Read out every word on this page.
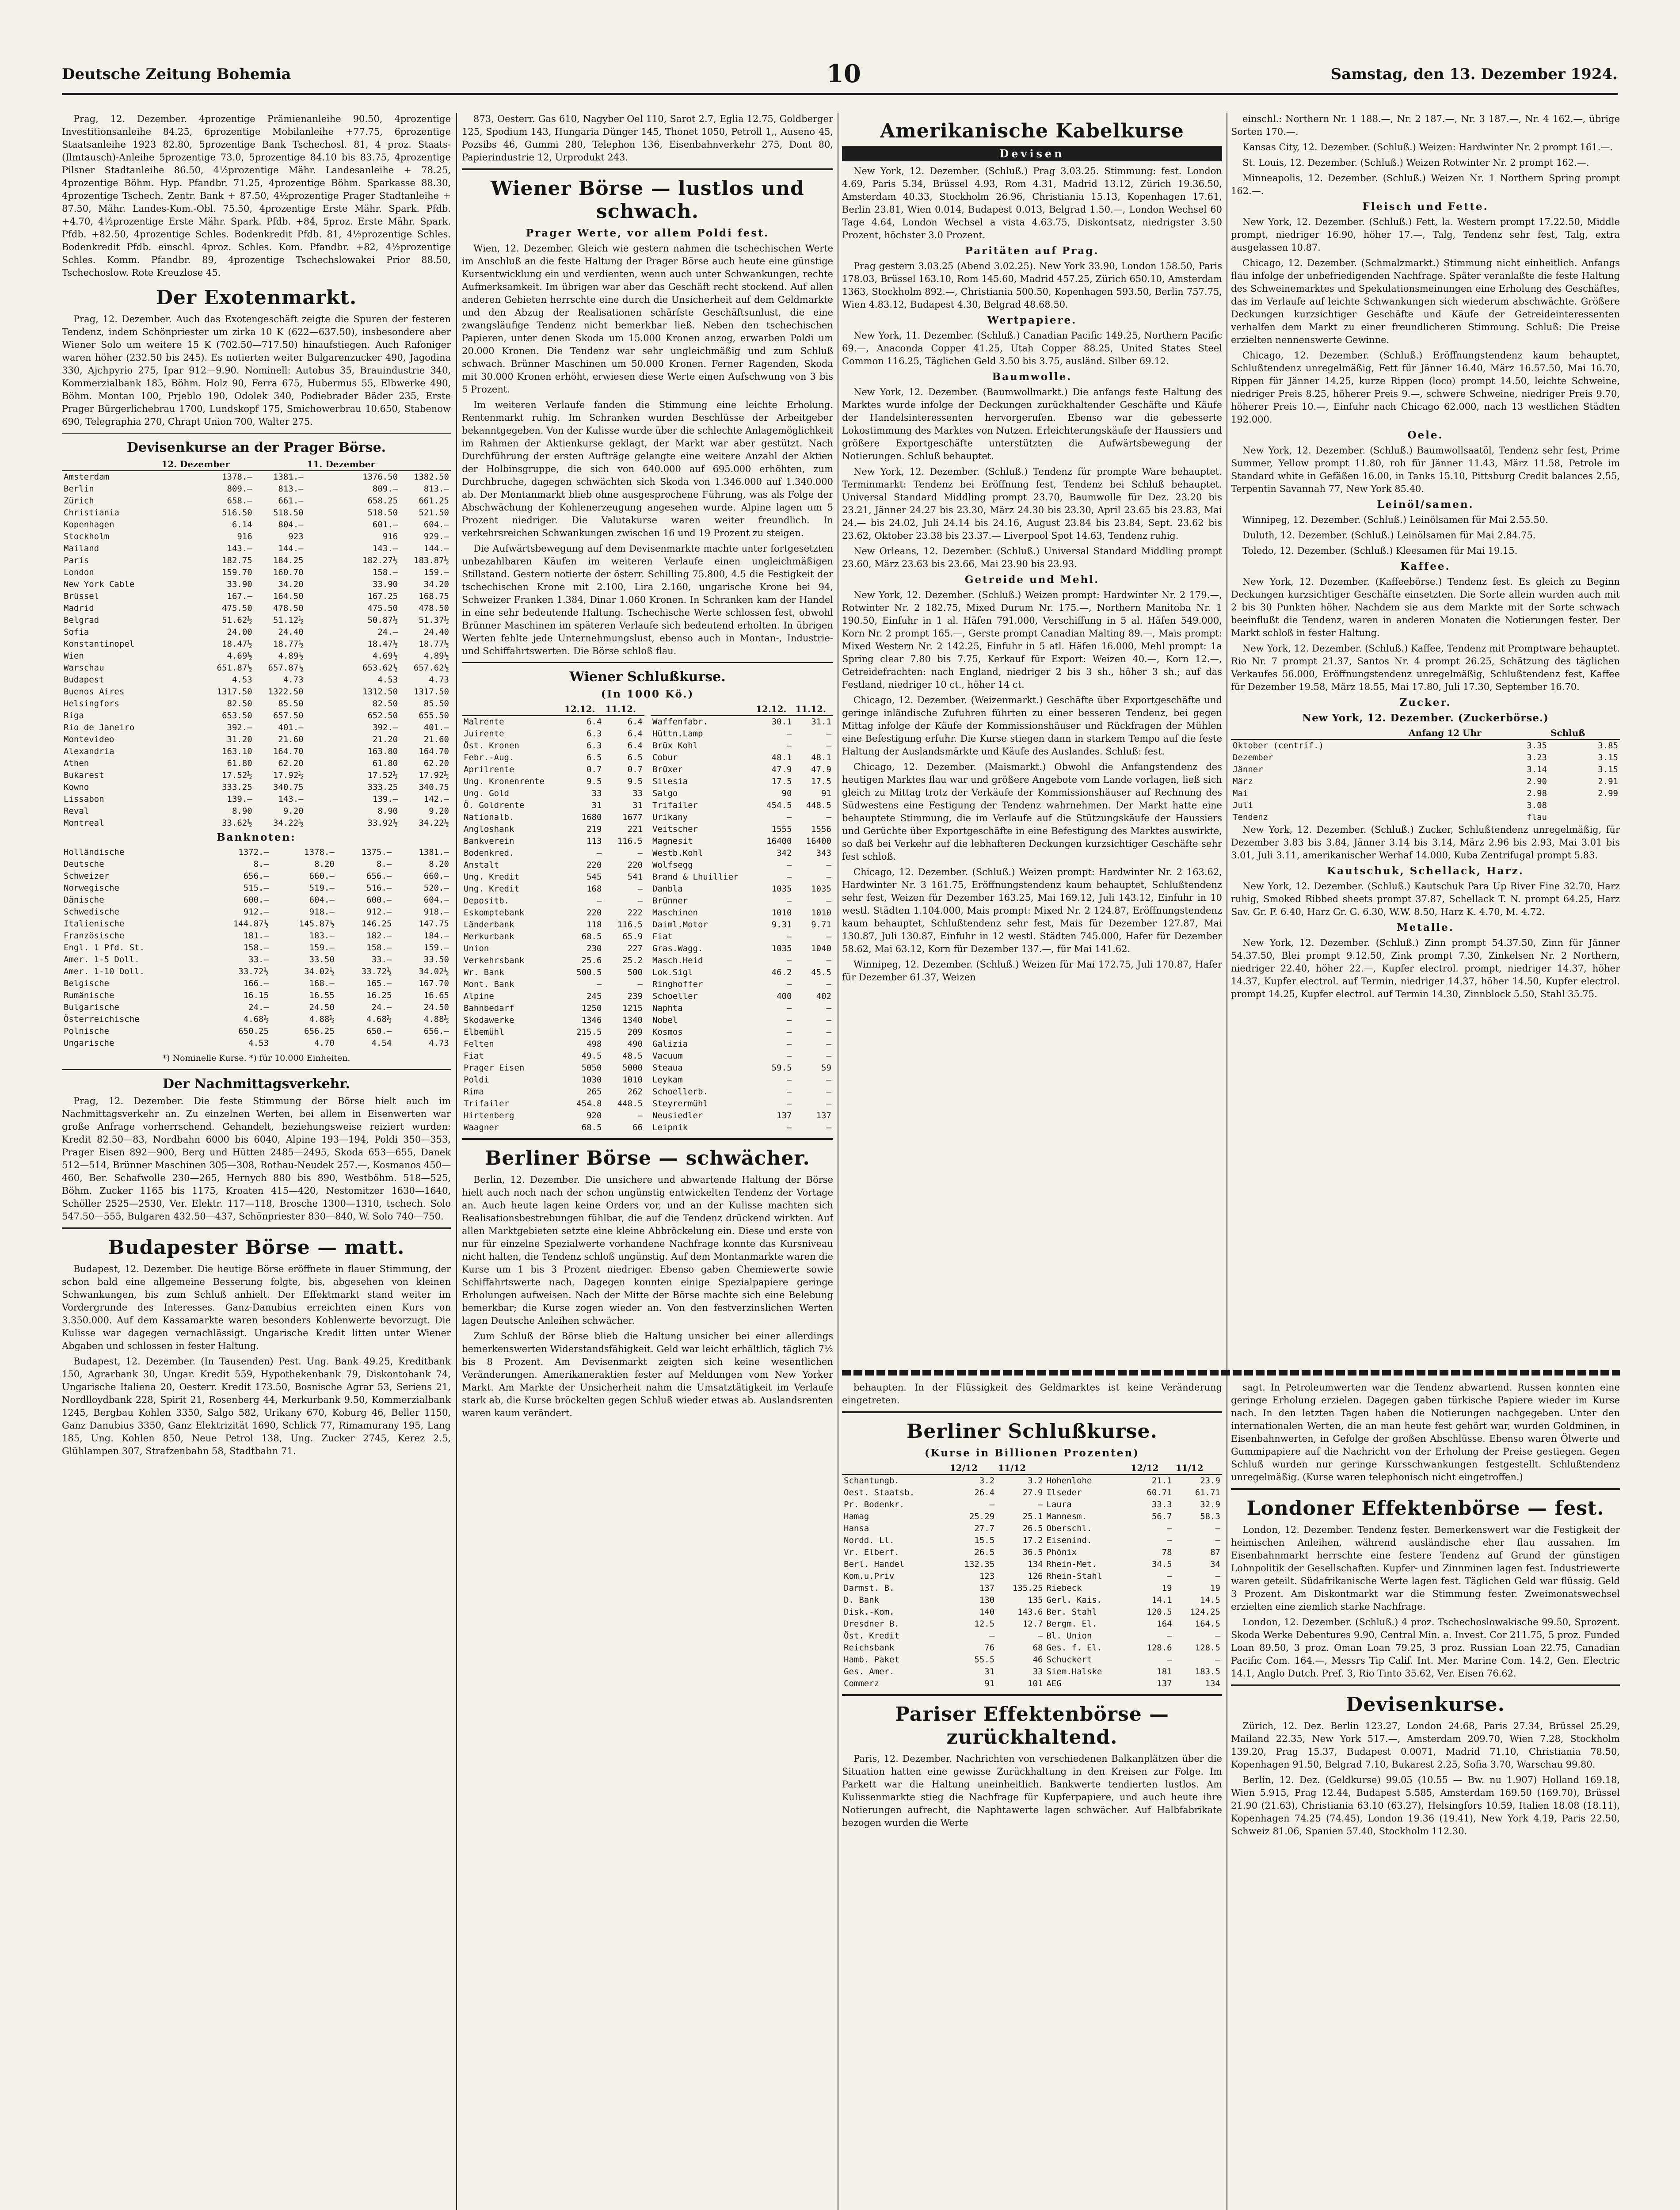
Deutsche Zeitung Bohemia	10	Samstag, den 13. Dezember 1924.

Prag, 12. Dezember. 4prozentige Prämienanleihe 90.50, 4prozentige Investitionsanleihe 84.25, 6prozentige Mobilanleihe +77.75, 6prozentige Staatsanleihe 1923 82.80, 5prozentige Bank Tschechosl. 81, 4 proz. Staats-(Ilmtausch)-Anleihe 5prozentige 73.0, 5prozentige 84.10 bis 83.75, 4prozentige Pilsner Stadtanleihe 86.50, 4½prozentige Mähr. Landesanleihe + 78.25, 4prozentige Böhm. Hyp. Pfandbr. 71.25, 4prozentige Böhm. Sparkasse 88.30, 4prozentige Tschech. Zentr. Bank + 87.50, 4½prozentige Prager Stadtanleihe + 87.50, Mähr. Landes-Kom.-Obl. 75.50, 4prozentige Erste Mähr. Spark. Pfdb. +4.70, 4½prozentige Erste Mähr. Spark. Pfdb. +84, 5proz. Erste Mähr. Spark. Pfdb. +82.50, 4prozentige Schles. Bodenkredit Pfdb. 81, 4½prozentige Schles. Bodenkredit Pfdb. einschl. 4proz. Schles. Kom. Pfandbr. +82, 4½prozentige Schles. Komm. Pfandbr. 89, 4prozentige Tschechslowakei Prior 88.50, Tschechoslow. Rote Kreuzlose 45.

Der Exotenmarkt.

Prag, 12. Dezember. Auch das Exotengeschäft zeigte die Spuren der festeren Tendenz, indem Schönpriester um zirka 10 K (622—637.50), insbesondere aber Wiener Solo um weitere 15 K (702.50—717.50) hinaufstiegen. Auch Rafoniger waren höher (232.50 bis 245). Es notierten weiter Bulgarenzucker 490, Jagodina 330, Ajchpyrio 275, Ipar 912—9.90. Nominell: Autobus 35, Brauindustrie 340, Kommerzialbank 185, Böhm. Holz 90, Ferra 675, Hubermus 55, Elbwerke 490, Böhm. Montan 100, Prjeblo 190, Odolek 340, Podiebrader Bäder 235, Erste Prager Bürgerlichebrau 1700, Lundskopf 175, Smichowerbrau 10.650, Stabenow 690, Telegraphia 270, Chrapt Union 700, Walter 275.

Devisenkurse an der Prager Börse.
	12. Dezember		11. Dezember	
Amsterdam	1378.—	1381.—	1376.50	1382.50
Berlin	809.—	813.—	809.—	813.—
Zürich	658.—	661.—	658.25	661.25
Christiania	516.50	518.50	518.50	521.50
Kopenhagen	6.14	804.—	601.—	604.—
Stockholm	916	923	916	929.—
Mailand	143.—	144.—	143.—	144.—
Paris	182.75	184.25	182.27½	183.87½
London	159.70	160.70	158.—	159.—
New York Cable	33.90	34.20	33.90	34.20
Brüssel	167.—	164.50	167.25	168.75
Madrid	475.50	478.50	475.50	478.50
Belgrad	51.62½	51.12½	50.87½	51.37½
Sofia	24.00	24.40	24.—	24.40
Konstantinopel	18.47½	18.77½	18.47½	18.77½
Wien	4.69½	4.89½	4.69½	4.89½
Warschau	651.87½	657.87½	653.62½	657.62½
Budapest	4.53	4.73	4.53	4.73
Buenos Aires	1317.50	1322.50	1312.50	1317.50
Helsingfors	82.50	85.50	82.50	85.50
Riga	653.50	657.50	652.50	655.50
Rio de Janeiro	392.—	401.—	392.—	401.—
Montevideo	31.20	21.60	21.20	21.60
Alexandria	163.10	164.70	163.80	164.70
Athen	61.80	62.20	61.80	62.20
Bukarest	17.52½	17.92½	17.52½	17.92½
Kowno	333.25	340.75	333.25	340.75
Lissabon	139.—	143.—	139.—	142.—
Reval	8.90	9.20	8.90	9.20
Montreal	33.62½	34.22½	33.92½	34.22½
Banknoten:
Holländische	1372.—	1378.—	1375.—	1381.—
Deutsche	8.—	8.20	8.—	8.20
Schweizer	656.—	660.—	656.—	660.—
Norwegische	515.—	519.—	516.—	520.—
Dänische	600.—	604.—	600.—	604.—
Schwedische	912.—	918.—	912.—	918.—
Italienische	144.87½	145.87½	146.25	147.75
Französische	181.—	183.—	182.—	184.—
Engl. 1 Pfd. St.	158.—	159.—	158.—	159.—
Amer. 1-5 Doll.	33.—	33.50	33.—	33.50
Amer. 1-10 Doll.	33.72½	34.02½	33.72½	34.02½
Belgische	166.—	168.—	165.—	167.70
Rumänische	16.15	16.55	16.25	16.65
Bulgarische	24.—	24.50	24.—	24.50
Österreichische	4.68½	4.88½	4.68½	4.88½
Polnische	650.25	656.25	650.—	656.—
Ungarische	4.53	4.70	4.54	4.73
*) Nominelle Kurse. *) für 10.000 Einheiten.
Der Nachmittagsverkehr.

Prag, 12. Dezember. Die feste Stimmung der Börse hielt auch im Nachmittagsverkehr an. Zu einzelnen Werten, bei allem in Eisenwerten war große Anfrage vorherrschend. Gehandelt, beziehungsweise reiziert wurden: Kredit 82.50—83, Nordbahn 6000 bis 6040, Alpine 193—194, Poldi 350—353, Prager Eisen 892—900, Berg und Hütten 2485—2495, Skoda 653—655, Danek 512—514, Brünner Maschinen 305—308, Rothau-Neudek 257.—, Kosmanos 450—460, Ber. Schafwolle 230—265, Hernych 880 bis 890, Westböhm. 518—525, Böhm. Zucker 1165 bis 1175, Kroaten 415—420, Nestomitzer 1630—1640, Schöller 2525—2530, Ver. Elektr. 117—118, Brosche 1300—1310, tschech. Solo 547.50—555, Bulgaren 432.50—437, Schönpriester 830—840, W. Solo 740—750.

Budapester Börse — matt.

Budapest, 12. Dezember. Die heutige Börse eröffnete in flauer Stimmung, der schon bald eine allgemeine Besserung folgte, bis, abgesehen von kleinen Schwankungen, bis zum Schluß anhielt. Der Effektmarkt stand weiter im Vordergrunde des Interesses. Ganz-Danubius erreichten einen Kurs von 3.350.000. Auf dem Kassamarkte waren besonders Kohlenwerte bevorzugt. Die Kulisse war dagegen vernachlässigt. Ungarische Kredit litten unter Wiener Abgaben und schlossen in fester Haltung.

Budapest, 12. Dezember. (In Tausenden) Pest. Ung. Bank 49.25, Kreditbank 150, Agrarbank 30, Ungar. Kredit 559, Hypothekenbank 79, Diskontobank 74, Ungarische Italiena 20, Oesterr. Kredit 173.50, Bosnische Agrar 53, Seriens 21, Nordlloydbank 228, Spirit 21, Rosenberg 44, Merkurbank 9.50, Kommerzialbank 1245, Bergbau Kohlen 3350, Salgo 582, Urikany 670, Koburg 46, Beller 1150, Ganz Danubius 3350, Ganz Elektrizität 1690, Schlick 77, Rimamurany 195, Lang 185, Ung. Kohlen 850, Neue Petrol 138, Ung. Zucker 2745, Kerez 2.5, Glühlampen 307, Strafzenbahn 58, Stadtbahn 71.

873, Oesterr. Gas 610, Nagyber Oel 110, Sarot 2.7, Eglia 12.75, Goldberger 125, Spodium 143, Hungaria Dünger 145, Thonet 1050, Petroll 1,, Auseno 45, Pozsibs 46, Gummi 280, Telephon 136, Eisenbahnverkehr 275, Dont 80, Papierindustrie 12, Urprodukt 243.

Wiener Börse — lustlos und schwach.
Prager Werte, vor allem Poldi fest.

Wien, 12. Dezember. Gleich wie gestern nahmen die tschechischen Werte im Anschluß an die feste Haltung der Prager Börse auch heute eine günstige Kursentwicklung ein und verdienten, wenn auch unter Schwankungen, rechte Aufmerksamkeit. Im übrigen war aber das Geschäft recht stockend. Auf allen anderen Gebieten herrschte eine durch die Unsicherheit auf dem Geldmarkte und den Abzug der Realisationen schärfste Geschäftsunlust, die eine zwangsläufige Tendenz nicht bemerkbar ließ. Neben den tschechischen Papieren, unter denen Skoda um 15.000 Kronen anzog, erwarben Poldi um 20.000 Kronen. Die Tendenz war sehr ungleichmäßig und zum Schluß schwach. Brünner Maschinen um 50.000 Kronen. Ferner Ragenden, Skoda mit 30.000 Kronen erhöht, erwiesen diese Werte einen Aufschwung von 3 bis 5 Prozent.

Im weiteren Verlaufe fanden die Stimmung eine leichte Erholung. Rentenmarkt ruhig. Im Schranken wurden Beschlüsse der Arbeitgeber bekanntgegeben. Von der Kulisse wurde über die schlechte Anlagemöglichkeit im Rahmen der Aktienkurse geklagt, der Markt war aber gestützt. Nach Durchführung der ersten Aufträge gelangte eine weitere Anzahl der Aktien der Holbinsgruppe, die sich von 640.000 auf 695.000 erhöhten, zum Durchbruche, dagegen schwächten sich Skoda von 1.346.000 auf 1.340.000 ab. Der Montanmarkt blieb ohne ausgesprochene Führung, was als Folge der Abschwächung der Kohlenerzeugung angesehen wurde. Alpine lagen um 5 Prozent niedriger. Die Valutakurse waren weiter freundlich. In verkehrsreichen Schwankungen zwischen 16 und 19 Prozent zu steigen.

Die Aufwärtsbewegung auf dem Devisenmarkte machte unter fortgesetzten unbezahlbaren Käufen im weiteren Verlaufe einen ungleichmäßigen Stillstand. Gestern notierte der österr. Schilling 75.800, 4.5 die Festigkeit der tschechischen Krone mit 2.100, Lira 2.160, ungarische Krone bei 94, Schweizer Franken 1.384, Dinar 1.060 Kronen. In Schranken kam der Handel in eine sehr bedeutende Haltung. Tschechische Werte schlossen fest, obwohl Brünner Maschinen im späteren Verlaufe sich bedeutend erholten. In übrigen Werten fehlte jede Unternehmungslust, ebenso auch in Montan-, Industrie- und Schiffahrtswerten. Die Börse schloß flau.

Wiener Schlußkurse.
(In 1000 Kö.)
	12.12.	11.12.
Malrente	6.4	6.4
Juirente	6.3	6.4
Öst. Kronen	6.3	6.4
Febr.-Aug.	6.5	6.5
Aprilrente	0.7	0.7
Ung. Kronenrente	9.5	9.5
Ung. Gold	33	33
Ö. Goldrente	31	31
Nationalb.	1680	1677
Angloshank	219	221
Bankverein	113	116.5
Bodenkred.	—	—
Anstalt	220	220
Ung. Kredit	545	541
Ung. Kredit	168	—
Depositb.	—	—
Eskomptebank	220	222
Länderbank	118	116.5
Merkurbank	68.5	65.9
Union	230	227
Verkehrsbank	25.6	25.2
Wr. Bank	500.5	500
Mont. Bank	—	—
Alpine	245	239
Bahnbedarf	1250	1215
Skodawerke	1346	1340
Elbemühl	215.5	209
Felten	498	490
Fiat	49.5	48.5
Prager Eisen	5050	5000
Poldi	1030	1010
Rima	265	262
Trifailer	454.8	448.5
Hirtenberg	920	—
Waagner	68.5	66
	12.12.	11.12.
Waffenfabr.	30.1	31.1
Hüttn.Lamp	—	—
Brüx Kohl	—	—
Cobur	48.1	48.1
Brüxer	47.9	47.9
Silesia	17.5	17.5
Salgo	90	91
Trifailer	454.5	448.5
Urikany	—	—
Veitscher	1555	1556
Magnesit	16400	16400
Westb.Kohl	342	343
Wolfsegg	—	—
Brand & Lhuillier	—	—
Danbla	1035	1035
Brünner	—	—
Maschinen	1010	1010
Daiml.Motor	9.31	9.71
Fiat	—	—
Gras.Wagg.	1035	1040
Masch.Heid	—	—
Lok.Sigl	46.2	45.5
Ringhoffer	—	—
Schoeller	400	402
Naphta	—	—
Nobel	—	—
Kosmos	—	—
Galizia	—	—
Vacuum	—	—
Steaua	59.5	59
Leykam	—	—
Schoellerb.	—	—
Steyrermühl	—	—
Neusiedler	137	137
Leipnik	—	—
Berliner Börse — schwächer.

Berlin, 12. Dezember. Die unsichere und abwartende Haltung der Börse hielt auch noch nach der schon ungünstig entwickelten Tendenz der Vortage an. Auch heute lagen keine Orders vor, und an der Kulisse machten sich Realisationsbestrebungen fühlbar, die auf die Tendenz drückend wirkten. Auf allen Marktgebieten setzte eine kleine Abbröckelung ein. Diese und erste von nur für einzelne Spezialwerte vorhandene Nachfrage konnte das Kursniveau nicht halten, die Tendenz schloß ungünstig. Auf dem Montanmarkte waren die Kurse um 1 bis 3 Prozent niedriger. Ebenso gaben Chemiewerte sowie Schiffahrtswerte nach. Dagegen konnten einige Spezialpapiere geringe Erholungen aufweisen. Nach der Mitte der Börse machte sich eine Belebung bemerkbar; die Kurse zogen wieder an. Von den festverzinslichen Werten lagen Deutsche Anleihen schwächer.

Zum Schluß der Börse blieb die Haltung unsicher bei einer allerdings bemerkenswerten Widerstandsfähigkeit. Geld war leicht erhältlich, täglich 7½ bis 8 Prozent. Am Devisenmarkt zeigten sich keine wesentlichen Veränderungen. Amerikaneraktien fester auf Meldungen vom New Yorker Markt. Am Markte der Unsicherheit nahm die Umsatztätigkeit im Verlaufe stark ab, die Kurse bröckelten gegen Schluß wieder etwas ab. Auslandsrenten waren kaum verändert.

Amerikanische Kabelkurse
Devisen

New York, 12. Dezember. (Schluß.) Prag 3.03.25. Stimmung: fest. London 4.69, Paris 5.34, Brüssel 4.93, Rom 4.31, Madrid 13.12, Zürich 19.36.50, Amsterdam 40.33, Stockholm 26.96, Christiania 15.13, Kopenhagen 17.61, Berlin 23.81, Wien 0.014, Budapest 0.013, Belgrad 1.50.—, London Wechsel 60 Tage 4.64, London Wechsel a vista 4.63.75, Diskontsatz, niedrigster 3.50 Prozent, höchster 3.0 Prozent.

Paritäten auf Prag.

Prag gestern 3.03.25 (Abend 3.02.25). New York 33.90, London 158.50, Paris 178.03, Brüssel 163.10, Rom 145.60, Madrid 457.25, Zürich 650.10, Amsterdam 1363, Stockholm 892.—, Christiania 500.50, Kopenhagen 593.50, Berlin 757.75, Wien 4.83.12, Budapest 4.30, Belgrad 48.68.50.

Wertpapiere.

New York, 11. Dezember. (Schluß.) Canadian Pacific 149.25, Northern Pacific 69.—, Anaconda Copper 41.25, Utah Copper 88.25, United States Steel Common 116.25, Täglichen Geld 3.50 bis 3.75, ausländ. Silber 69.12.

Baumwolle.

New York, 12. Dezember. (Baumwollmarkt.) Die anfangs feste Haltung des Marktes wurde infolge der Deckungen zurückhaltender Geschäfte und Käufe der Handelsinteressenten hervorgerufen. Ebenso war die gebesserte Lokostimmung des Marktes von Nutzen. Erleichterungskäufe der Haussiers und größere Exportgeschäfte unterstützten die Aufwärtsbewegung der Notierungen. Schluß behauptet.

New York, 12. Dezember. (Schluß.) Tendenz für prompte Ware behauptet. Terminmarkt: Tendenz bei Eröffnung fest, Tendenz bei Schluß behauptet. Universal Standard Middling prompt 23.70, Baumwolle für Dez. 23.20 bis 23.21, Jänner 24.27 bis 23.30, März 24.30 bis 23.30, April 23.65 bis 23.83, Mai 24.— bis 24.02, Juli 24.14 bis 24.16, August 23.84 bis 23.84, Sept. 23.62 bis 23.62, Oktober 23.38 bis 23.37.— Liverpool Spot 14.63, Tendenz ruhig.

New Orleans, 12. Dezember. (Schluß.) Universal Standard Middling prompt 23.60, März 23.63 bis 23.66, Mai 23.90 bis 23.93.

Getreide und Mehl.

New York, 12. Dezember. (Schluß.) Weizen prompt: Hardwinter Nr. 2 179.—, Rotwinter Nr. 2 182.75, Mixed Durum Nr. 175.—, Northern Manitoba Nr. 1 190.50, Einfuhr in 1 al. Häfen 791.000, Verschiffung in 5 al. Häfen 549.000, Korn Nr. 2 prompt 165.—, Gerste prompt Canadian Malting 89.—, Mais prompt: Mixed Western Nr. 2 142.25, Einfuhr in 5 atl. Häfen 16.000, Mehl prompt: 1a Spring clear 7.80 bis 7.75, Kerkauf für Export: Weizen 40.—, Korn 12.—, Getreidefrachten: nach England, niedriger 2 bis 3 sh., höher 3 sh.; auf das Festland, niedriger 10 ct., höher 14 ct.

Chicago, 12. Dezember. (Weizenmarkt.) Geschäfte über Exportgeschäfte und geringe inländische Zufuhren führten zu einer besseren Tendenz, bei gegen Mittag infolge der Käufe der Kommissionshäuser und Rückfragen der Mühlen eine Befestigung erfuhr. Die Kurse stiegen dann in starkem Tempo auf die feste Haltung der Auslandsmärkte und Käufe des Auslandes. Schluß: fest.

Chicago, 12. Dezember. (Maismarkt.) Obwohl die Anfangstendenz des heutigen Marktes flau war und größere Angebote vom Lande vorlagen, ließ sich gleich zu Mittag trotz der Verkäufe der Kommissionshäuser auf Rechnung des Südwestens eine Festigung der Tendenz wahrnehmen. Der Markt hatte eine behauptete Stimmung, die im Verlaufe auf die Stützungskäufe der Haussiers und Gerüchte über Exportgeschäfte in eine Befestigung des Marktes auswirkte, so daß bei Verkehr auf die lebhafteren Deckungen kurzsichtiger Geschäfte sehr fest schloß.

Chicago, 12. Dezember. (Schluß.) Weizen prompt: Hardwinter Nr. 2 163.62, Hardwinter Nr. 3 161.75, Eröffnungstendenz kaum behauptet, Schlußtendenz sehr fest, Weizen für Dezember 163.25, Mai 169.12, Juli 143.12, Einfuhr in 10 westl. Städten 1.104.000, Mais prompt: Mixed Nr. 2 124.87, Eröffnungstendenz kaum behauptet, Schlußtendenz sehr fest, Mais für Dezember 127.87, Mai 130.87, Juli 130.87, Einfuhr in 12 westl. Städten 745.000, Hafer für Dezember 58.62, Mai 63.12, Korn für Dezember 137.—, für Mai 141.62.

Winnipeg, 12. Dezember. (Schluß.) Weizen für Mai 172.75, Juli 170.87, Hafer für Dezember 61.37, Weizen

einschl.: Northern Nr. 1 188.—, Nr. 2 187.—, Nr. 3 187.—, Nr. 4 162.—, übrige Sorten 170.—.

Kansas City, 12. Dezember. (Schluß.) Weizen: Hardwinter Nr. 2 prompt 161.—.

St. Louis, 12. Dezember. (Schluß.) Weizen Rotwinter Nr. 2 prompt 162.—.

Minneapolis, 12. Dezember. (Schluß.) Weizen Nr. 1 Northern Spring prompt 162.—.

Fleisch und Fette.

New York, 12. Dezember. (Schluß.) Fett, la. Western prompt 17.22.50, Middle prompt, niedriger 16.90, höher 17.—, Talg, Tendenz sehr fest, Talg, extra ausgelassen 10.87.

Chicago, 12. Dezember. (Schmalzmarkt.) Stimmung nicht einheitlich. Anfangs flau infolge der unbefriedigenden Nachfrage. Später veranlaßte die feste Haltung des Schweinemarktes und Spekulationsmeinungen eine Erholung des Geschäftes, das im Verlaufe auf leichte Schwankungen sich wiederum abschwächte. Größere Deckungen kurzsichtiger Geschäfte und Käufe der Getreideinteressenten verhalfen dem Markt zu einer freundlicheren Stimmung. Schluß: Die Preise erzielten nennenswerte Gewinne.

Chicago, 12. Dezember. (Schluß.) Eröffnungstendenz kaum behauptet, Schlußtendenz unregelmäßig, Fett für Jänner 16.40, März 16.57.50, Mai 16.70, Rippen für Jänner 14.25, kurze Rippen (loco) prompt 14.50, leichte Schweine, niedriger Preis 8.25, höherer Preis 9.—, schwere Schweine, niedriger Preis 9.70, höherer Preis 10.—, Einfuhr nach Chicago 62.000, nach 13 westlichen Städten 192.000.

Oele.

New York, 12. Dezember. (Schluß.) Baumwollsaatöl, Tendenz sehr fest, Prime Summer, Yellow prompt 11.80, roh für Jänner 11.43, März 11.58, Petrole im Standard white in Gefäßen 16.00, in Tanks 15.10, Pittsburg Credit balances 2.55, Terpentin Savannah 77, New York 85.40.

Leinöl/samen.

Winnipeg, 12. Dezember. (Schluß.) Leinölsamen für Mai 2.55.50.

Duluth, 12. Dezember. (Schluß.) Leinölsamen für Mai 2.84.75.

Toledo, 12. Dezember. (Schluß.) Kleesamen für Mai 19.15.

Kaffee.

New York, 12. Dezember. (Kaffeebörse.) Tendenz fest. Es gleich zu Beginn Deckungen kurzsichtiger Geschäfte einsetzten. Die Sorte allein wurden auch mit 2 bis 30 Punkten höher. Nachdem sie aus dem Markte mit der Sorte schwach beeinflußt die Tendenz, waren in anderen Monaten die Notierungen fester. Der Markt schloß in fester Haltung.

New York, 12. Dezember. (Schluß.) Kaffee, Tendenz mit Promptware behauptet. Rio Nr. 7 prompt 21.37, Santos Nr. 4 prompt 26.25, Schätzung des täglichen Verkaufes 56.000, Eröffnungstendenz unregelmäßig, Schlußtendenz fest, Kaffee für Dezember 19.58, März 18.55, Mai 17.80, Juli 17.30, September 16.70.

Zucker.
New York, 12. Dezember. (Zuckerbörse.)
	Anfang 12 Uhr	Schluß
Oktober (centrif.)	3.35	3.85
Dezember	3.23	3.15
Jänner	3.14	3.15
März	2.90	2.91
Mai	2.98	2.99
Juli	3.08	
Tendenz	flau	

New York, 12. Dezember. (Schluß.) Zucker, Schlußtendenz unregelmäßig, für Dezember 3.83 bis 3.84, Jänner 3.14 bis 3.14, März 2.96 bis 2.93, Mai 3.01 bis 3.01, Juli 3.11, amerikanischer Werhaf 14.000, Kuba Zentrifugal prompt 5.83.

Kautschuk, Schellack, Harz.

New York, 12. Dezember. (Schluß.) Kautschuk Para Up River Fine 32.70, Harz ruhig, Smoked Ribbed sheets prompt 37.87, Schellack T. N. prompt 64.25, Harz Sav. Gr. F. 6.40, Harz Gr. G. 6.30, W.W. 8.50, Harz K. 4.70, M. 4.72.

Metalle.

New York, 12. Dezember. (Schluß.) Zinn prompt 54.37.50, Zinn für Jänner 54.37.50, Blei prompt 9.12.50, Zink prompt 7.30, Zinkelsen Nr. 2 Northern, niedriger 22.40, höher 22.—, Kupfer electrol. prompt, niedriger 14.37, höher 14.37, Kupfer electrol. auf Termin, niedriger 14.37, höher 14.50, Kupfer electrol. prompt 14.25, Kupfer electrol. auf Termin 14.30, Zinnblock 5.50, Stahl 35.75.

behaupten. In der Flüssigkeit des Geldmarktes ist keine Veränderung eingetreten.

Berliner Schlußkurse.
(Kurse in Billionen Prozenten)
	12/12	11/12		12/12	11/12
Schantungb.	3.2	3.2	Hohenlohe	21.1	23.9
Oest. Staatsb.	26.4	27.9	Ilseder	60.71	61.71
Pr. Bodenkr.	—	—	Laura	33.3	32.9
Hamag	25.29	25.1	Mannesm.	56.7	58.3
Hansa	27.7	26.5	Oberschl.	—	—
Nordd. Ll.	15.5	17.2	Eisenind.	—	—
Vr. Elberf.	26.5	36.5	Phönix	78	87
Berl. Handel	132.35	134	Rhein-Met.	34.5	34
Kom.u.Priv	123	126	Rhein-Stahl	—	—
Darmst. B.	137	135.25	Riebeck	19	19
D. Bank	130	135	Gerl. Kais.	14.1	14.5
Disk.-Kom.	140	143.6	Ber. Stahl	120.5	124.25
Dresdner B.	12.5	12.7	Bergm. El.	164	164.5
Öst. Kredit	—	—	Bl. Union	—	—
Reichsbank	76	68	Ges. f. El.	128.6	128.5
Hamb. Paket	55.5	46	Schuckert	—	—
Ges. Amer.	31	33	Siem.Halske	181	183.5
Commerz	91	101	AEG	137	134
Pariser Effektenbörse — zurückhaltend.

Paris, 12. Dezember. Nachrichten von verschiedenen Balkanplätzen über die Situation hatten eine gewisse Zurückhaltung in den Kreisen zur Folge. Im Parkett war die Haltung uneinheitlich. Bankwerte tendierten lustlos. Am Kulissenmarkte stieg die Nachfrage für Kupferpapiere, und auch heute ihre Notierungen aufrecht, die Naphtawerte lagen schwächer. Auf Halbfabrikate bezogen wurden die Werte

sagt. In Petroleumwerten war die Tendenz abwartend. Russen konnten eine geringe Erholung erzielen. Dagegen gaben türkische Papiere wieder im Kurse nach. In den letzten Tagen haben die Notierungen nachgegeben. Unter den internationalen Werten, die an man heute fest gehört war, wurden Goldminen, in Eisenbahnwerten, in Gefolge der großen Abschlüsse. Ebenso waren Ölwerte und Gummipapiere auf die Nachricht von der Erholung der Preise gestiegen. Gegen Schluß wurden nur geringe Kursschwankungen festgestellt. Schlußtendenz unregelmäßig. (Kurse waren telephonisch nicht eingetroffen.)

Londoner Effektenbörse — fest.

London, 12. Dezember. Tendenz fester. Bemerkenswert war die Festigkeit der heimischen Anleihen, während ausländische eher flau aussahen. Im Eisenbahnmarkt herrschte eine festere Tendenz auf Grund der günstigen Lohnpolitik der Gesellschaften. Kupfer- und Zinnminen lagen fest. Industriewerte waren geteilt. Südafrikanische Werte lagen fest. Täglichen Geld war flüssig. Geld 3 Prozent. Am Diskontmarkt war die Stimmung fester. Zweimonatswechsel erzielten eine ziemlich starke Nachfrage.

London, 12. Dezember. (Schluß.) 4 proz. Tschechoslowakische 99.50, Sprozent. Skoda Werke Debentures 9.90, Central Min. a. Invest. Cor 211.75, 5 proz. Funded Loan 89.50, 3 proz. Oman Loan 79.25, 3 proz. Russian Loan 22.75, Canadian Pacific Com. 164.—, Messrs Tip Calif. Int. Mer. Marine Com. 14.2, Gen. Electric 14.1, Anglo Dutch. Pref. 3, Rio Tinto 35.62, Ver. Eisen 76.62.

Devisenkurse.

Zürich, 12. Dez. Berlin 123.27, London 24.68, Paris 27.34, Brüssel 25.29, Mailand 22.35, New York 517.—, Amsterdam 209.70, Wien 7.28, Stockholm 139.20, Prag 15.37, Budapest 0.0071, Madrid 71.10, Christiania 78.50, Kopenhagen 91.50, Belgrad 7.10, Bukarest 2.25, Sofia 3.70, Warschau 99.80.

Berlin, 12. Dez. (Geldkurse) 99.05 (10.55 — Bw. nu 1.907) Holland 169.18, Wien 5.915, Prag 12.44, Budapest 5.585, Amsterdam 169.50 (169.70), Brüssel 21.90 (21.63), Christiania 63.10 (63.27), Helsingfors 10.59, Italien 18.08 (18.11), Kopenhagen 74.25 (74.45), London 19.36 (19.41), New York 4.19, Paris 22.50, Schweiz 81.06, Spanien 57.40, Stockholm 112.30.
